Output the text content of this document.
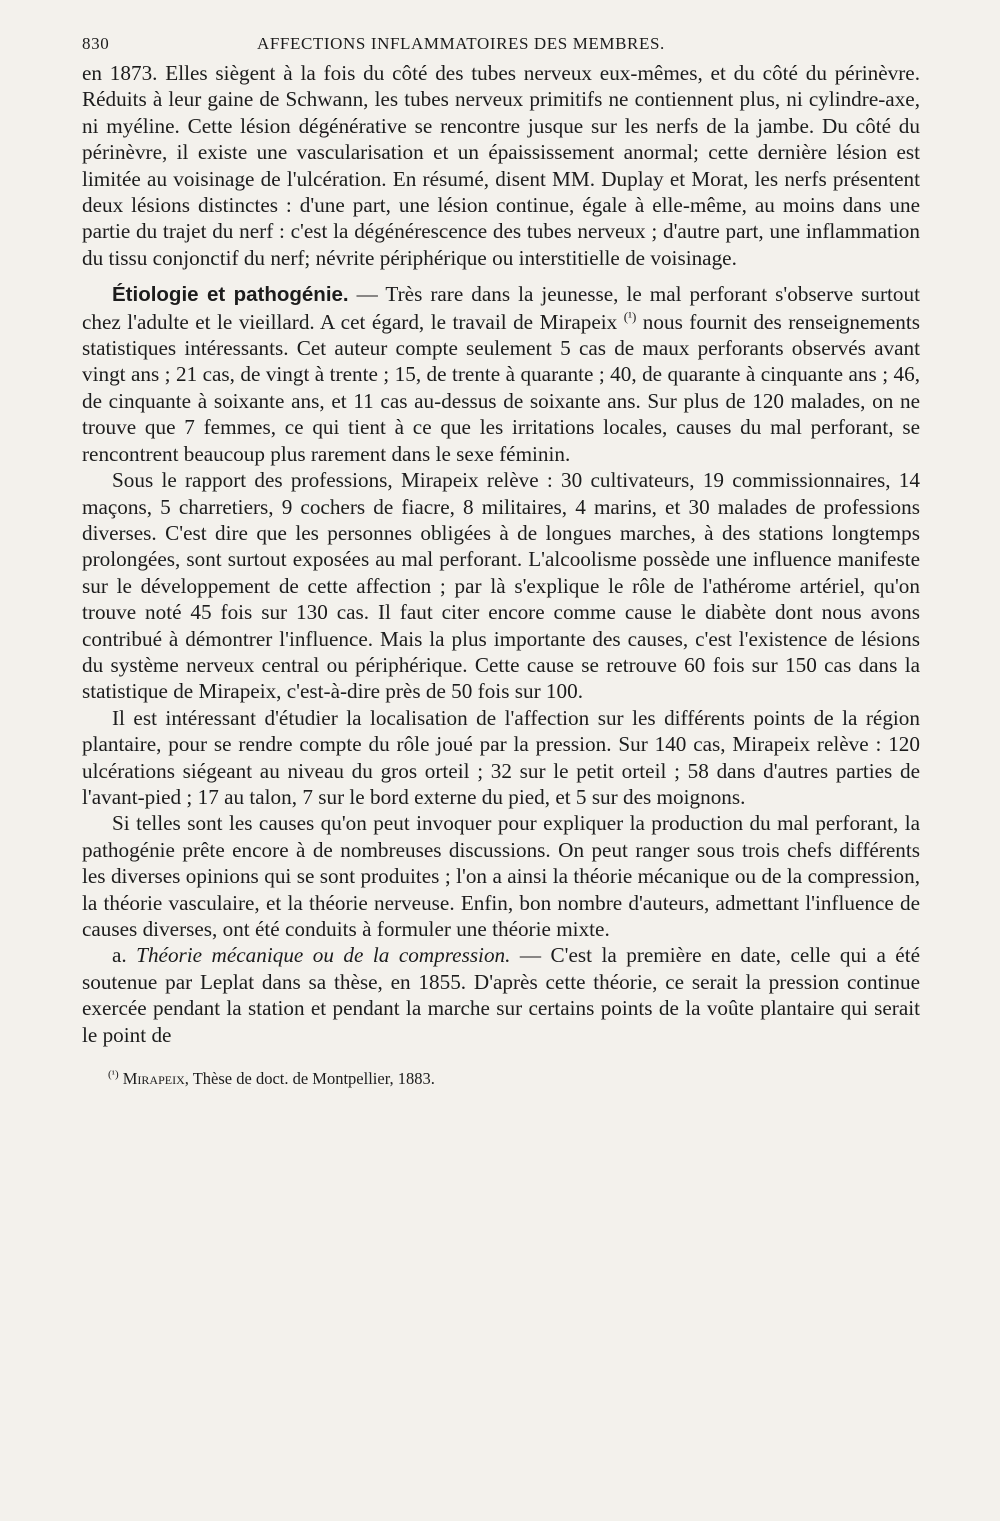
830	AFFECTIONS INFLAMMATOIRES DES MEMBRES.

en 1873. Elles siègent à la fois du côté des tubes nerveux eux-mêmes, et du côté du périnèvre. Réduits à leur gaine de Schwann, les tubes nerveux primitifs ne contiennent plus, ni cylindre-axe, ni myéline. Cette lésion dégénérative se rencontre jusque sur les nerfs de la jambe. Du côté du périnèvre, il existe une vascularisation et un épaississement anormal; cette dernière lésion est limitée au voisinage de l'ulcération. En résumé, disent MM. Duplay et Morat, les nerfs présentent deux lésions distinctes : d'une part, une lésion continue, égale à elle-même, au moins dans une partie du trajet du nerf : c'est la dégénérescence des tubes nerveux ; d'autre part, une inflammation du tissu conjonctif du nerf; névrite périphérique ou interstitielle de voisinage.

Étiologie et pathogénie. — Très rare dans la jeunesse, le mal perforant s'observe surtout chez l'adulte et le vieillard. A cet égard, le travail de Mirapeix $^{(^1)}$ nous fournit des renseignements statistiques intéressants. Cet auteur compte seulement 5 cas de maux perforants observés avant vingt ans ; 21 cas, de vingt à trente ; 15, de trente à quarante ; 40, de quarante à cinquante ans ; 46, de cinquante à soixante ans, et 11 cas au-dessus de soixante ans. Sur plus de 120 malades, on ne trouve que 7 femmes, ce qui tient à ce que les irritations locales, causes du mal perforant, se rencontrent beaucoup plus rarement dans le sexe féminin.

Sous le rapport des professions, Mirapeix relève : 30 cultivateurs, 19 commissionnaires, 14 maçons, 5 charretiers, 9 cochers de fiacre, 8 militaires, 4 marins, et 30 malades de professions diverses. C'est dire que les personnes obligées à de longues marches, à des stations longtemps prolongées, sont surtout exposées au mal perforant. L'alcoolisme possède une influence manifeste sur le développement de cette affection ; par là s'explique le rôle de l'athérome artériel, qu'on trouve noté 45 fois sur 130 cas. Il faut citer encore comme cause le diabète dont nous avons contribué à démontrer l'influence. Mais la plus importante des causes, c'est l'existence de lésions du système nerveux central ou périphérique. Cette cause se retrouve 60 fois sur 150 cas dans la statistique de Mirapeix, c'est-à-dire près de 50 fois sur 100.

Il est intéressant d'étudier la localisation de l'affection sur les différents points de la région plantaire, pour se rendre compte du rôle joué par la pression. Sur 140 cas, Mirapeix relève : 120 ulcérations siégeant au niveau du gros orteil ; 32 sur le petit orteil ; 58 dans d'autres parties de l'avant-pied ; 17 au talon, 7 sur le bord externe du pied, et 5 sur des moignons.

Si telles sont les causes qu'on peut invoquer pour expliquer la production du mal perforant, la pathogénie prête encore à de nombreuses discussions. On peut ranger sous trois chefs différents les diverses opinions qui se sont produites ; l'on a ainsi la théorie mécanique ou de la compression, la théorie vasculaire, et la théorie nerveuse. Enfin, bon nombre d'auteurs, admettant l'influence de causes diverses, ont été conduits à formuler une théorie mixte.

a. Théorie mécanique ou de la compression. — C'est la première en date, celle qui a été soutenue par Leplat dans sa thèse, en 1855. D'après cette théorie, ce serait la pression continue exercée pendant la station et pendant la marche sur certains points de la voûte plantaire qui serait le point de

$^{(^1)}$ Mirapeix, Thèse de doct. de Montpellier, 1883.
